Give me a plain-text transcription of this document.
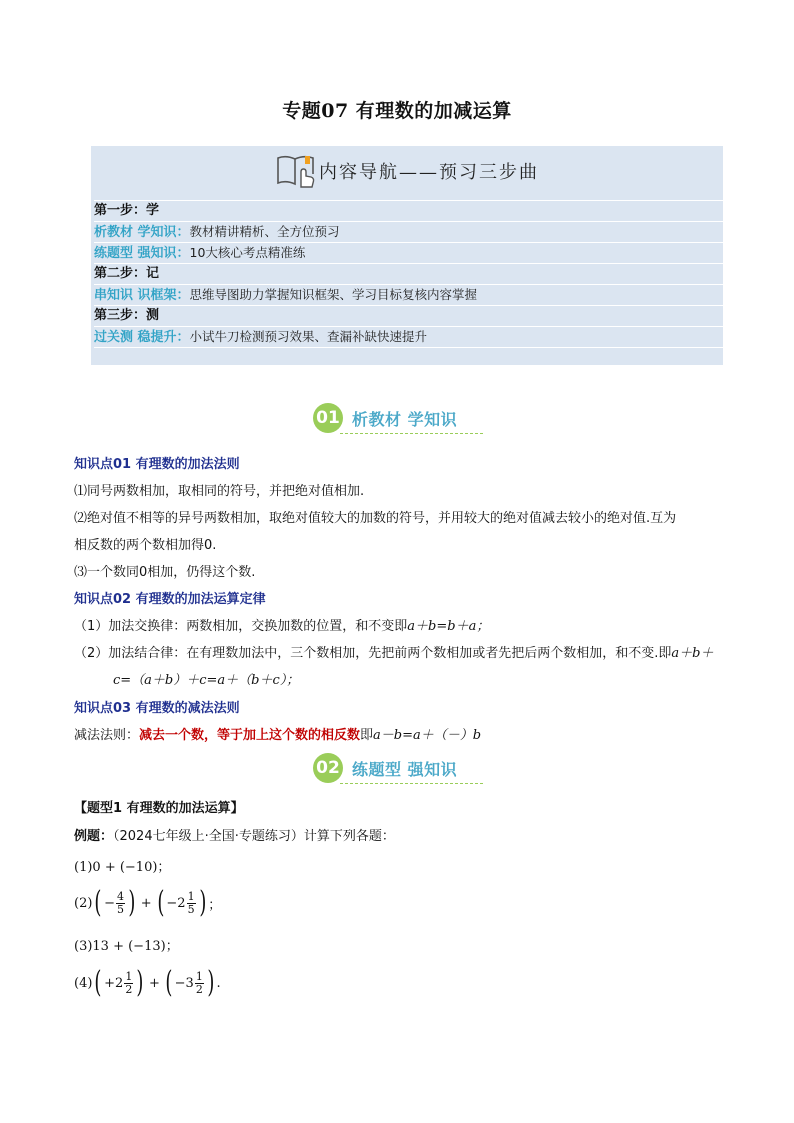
专题07 有理数的加减运算
内容导航——预习三步曲
第一步：学
析教材 学知识：教材精讲精析、全方位预习
练题型 强知识：10大核心考点精准练
第二步：记
串知识 识框架：思维导图助力掌握知识框架、学习目标复核内容掌握
第三步：测
过关测 稳提升：小试牛刀检测预习效果、查漏补缺快速提升
01 析教材 学知识
知识点01 有理数的加法法则
⑴同号两数相加，取相同的符号，并把绝对值相加.
⑵绝对值不相等的异号两数相加，取绝对值较大的加数的符号，并用较大的绝对值减去较小的绝对值.互为
相反数的两个数相加得0.
⑶一个数同0相加，仍得这个数.
知识点02 有理数的加法运算定律
（1）加法交换律：两数相加，交换加数的位置，和不变即a＋b=b＋a；
（2）加法结合律：在有理数加法中，三个数相加，先把前两个数相加或者先把后两个数相加，和不变.即a＋b＋
c=（a＋b）＋c=a＋（b＋c）；
知识点03 有理数的减法法则
减法法则：减去一个数，等于加上这个数的相反数即a－b=a＋（－）b
02 练题型 强知识
【题型1 有理数的加法运算】
例题：（2024七年级上·全国·专题练习）计算下列各题：
(1)0 + (−10)；
(2) ( − $\frac{4}{5}$ ) + ( $-2 \frac{1}{5}$ ) ；
(3)13 + (−13)；
(4) ( $+2 \frac{1}{2}$ ) + ( $-3 \frac{1}{2}$ ) .
